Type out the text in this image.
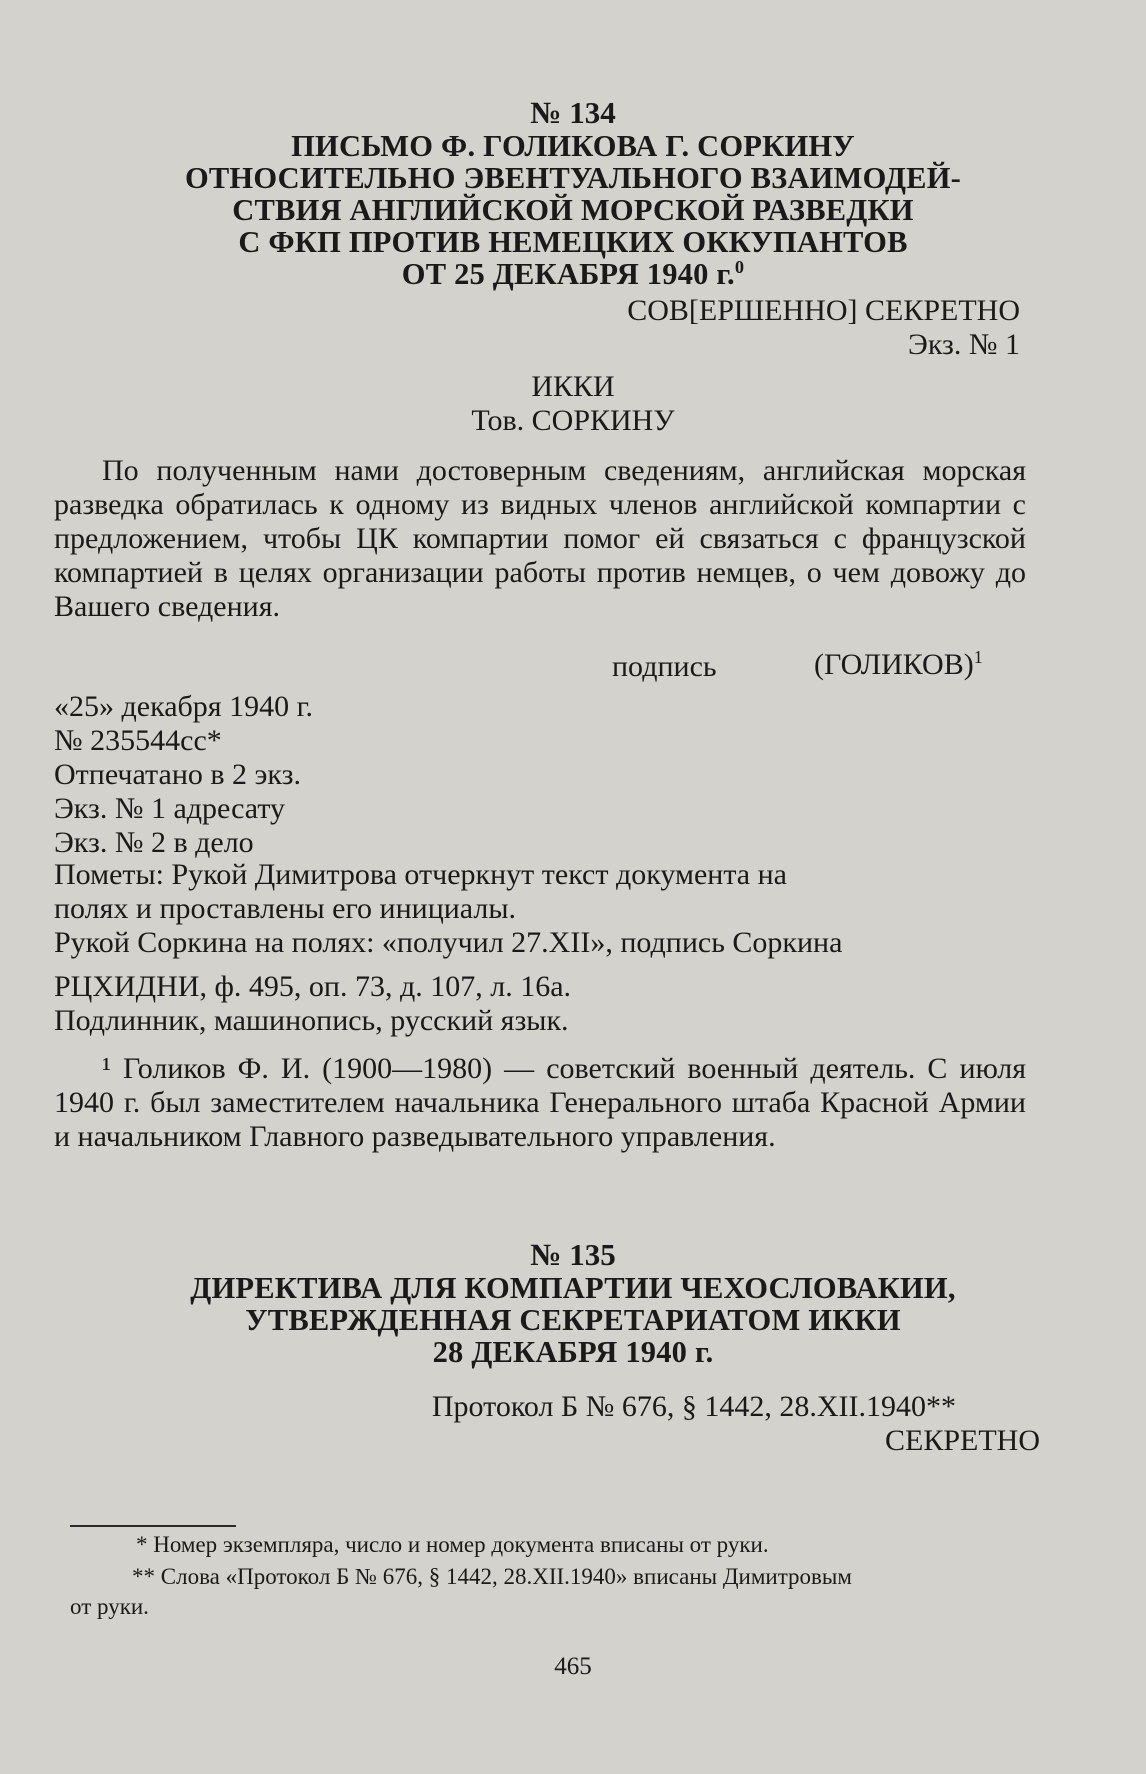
№ 134
ПИСЬМО Ф. ГОЛИКОВА Г. СОРКИНУ
ОТНОСИТЕЛЬНО ЭВЕНТУАЛЬНОГО ВЗАИМОДЕЙ-
СТВИЯ АНГЛИЙСКОЙ МОРСКОЙ РАЗВЕДКИ
С ФКП ПРОТИВ НЕМЕЦКИХ ОККУПАНТОВ
ОТ 25 ДЕКАБРЯ 1940 г.$^0$
СОВ[ЕРШЕННО] СЕКРЕТНО
Экз. № 1
ИККИ
Тов. СОРКИНУ
По полученным нами достоверным сведениям, английская морская разведка обратилась к одному из видных членов английской компартии с предложением, чтобы ЦК компартии помог ей связаться с французской компартией в целях организации работы против немцев, о чем довожу до Вашего сведения.
подпись	(ГОЛИКОВ)$^1$
«25» декабря 1940 г.
№ 235544сс*
Отпечатано в 2 экз.
Экз. № 1 адресату
Экз. № 2 в дело
Пометы: Рукой Димитрова отчеркнут текст документа на
полях и проставлены его инициалы.
Рукой Соркина на полях: «получил 27.XII», подпись Соркина
РЦХИДНИ, ф. 495, оп. 73, д. 107, л. 16а.
Подлинник, машинопись, русский язык.
¹ Голиков Ф. И. (1900—1980) — советский военный деятель. С июля 1940 г. был заместителем начальника Генерального штаба Красной Армии и начальником Главного разведывательного управления.
№ 135
ДИРЕКТИВА ДЛЯ КОМПАРТИИ ЧЕХОСЛОВАКИИ,
УТВЕРЖДЕННАЯ СЕКРЕТАРИАТОМ ИККИ
28 ДЕКАБРЯ 1940 г.
Протокол Б № 676, § 1442, 28.XII.1940**
СЕКРЕТНО
* Номер экземпляра, число и номер документа вписаны от руки.
** Слова «Протокол Б № 676, § 1442, 28.XII.1940» вписаны Димитровым
от руки.
465
